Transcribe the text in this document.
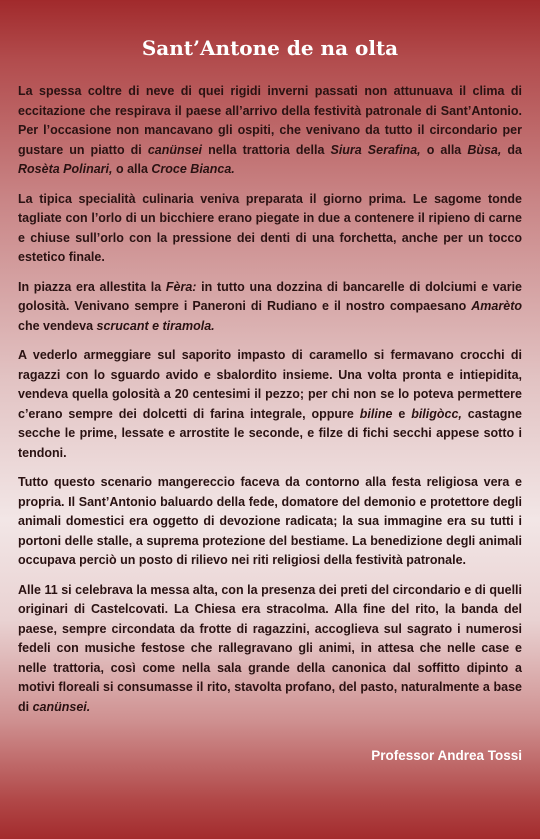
Sant’Antone de na olta

La spessa coltre di neve di quei rigidi inverni passati non attunuava il clima di eccitazione che respirava il paese all’arrivo della festività patronale di Sant’Antonio. Per l’occasione non mancavano gli ospiti, che venivano da tutto il circondario per gustare un piatto di canünsei nella trattoria della Siura Serafina, o alla Bùsa, da Rosèta Polinari, o alla Croce Bianca.

La tipica specialità culinaria veniva preparata il giorno prima. Le sagome tonde tagliate con l’orlo di un bicchiere erano piegate in due a contenere il ripieno di carne e chiuse sull’orlo con la pressione dei denti di una forchetta, anche per un tocco estetico finale.

In piazza era allestita la Fèra: in tutto una dozzina di bancarelle di dolciumi e varie golosità. Venivano sempre i Paneroni di Rudiano e il nostro compaesano Amarèto che vendeva scrucant e tiramola.

A vederlo armeggiare sul saporito impasto di caramello si fermavano crocchi di ragazzi con lo sguardo avido e sbalordito insieme. Una volta pronta e intiepidita, vendeva quella golosità a 20 centesimi il pezzo; per chi non se lo poteva permettere c’erano sempre dei dolcetti di farina integrale, oppure biline e biligòcc, castagne secche le prime, lessate e arrostite le seconde, e filze di fichi secchi appese sotto i tendoni.

Tutto questo scenario mangereccio faceva da contorno alla festa religiosa vera e propria. Il Sant’Antonio baluardo della fede, domatore del demonio e protettore degli animali domestici era oggetto di devozione radicata; la sua immagine era su tutti i portoni delle stalle, a suprema protezione del bestiame. La benedizione degli animali occupava perciò un posto di rilievo nei riti religiosi della festività patronale.

Alle 11 si celebrava la messa alta, con la presenza dei preti del circondario e di quelli originari di Castelcovati. La Chiesa era stracolma. Alla fine del rito, la banda del paese, sempre circondata da frotte di ragazzini, accoglieva sul sagrato i numerosi fedeli con musiche festose che rallegravano gli animi, in attesa che nelle case e nelle trattoria, così come nella sala grande della canonica dal soffitto dipinto a motivi floreali si consumasse il rito, stavolta profano, del pasto, naturalmente a base di canünsei.

Professor Andrea Tossi
